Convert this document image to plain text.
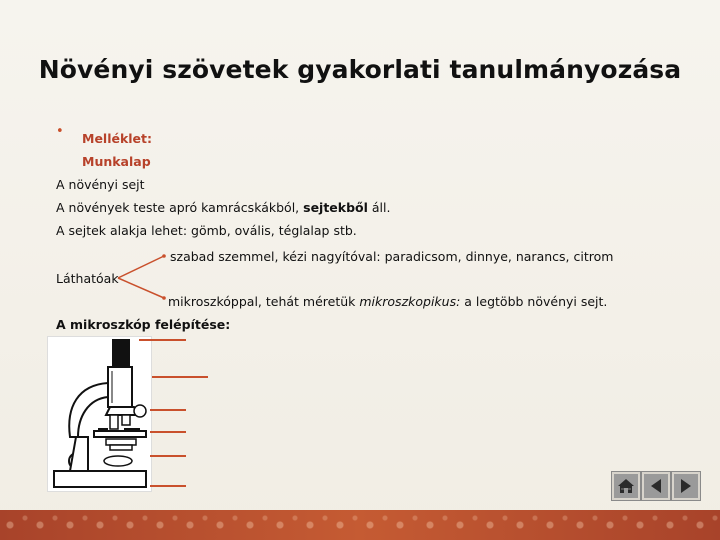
Növényi szövetek gyakorlati tanulmányozása
• Melléklet:
Munkalap
A növényi sejt
A növények teste apró kamrácskákból, sejtekből áll.
A sejtek alakja lehet: gömb, ovális, téglalap stb.
szabad szemmel, kézi nagyítóval: paradicsom, dinnye, narancs, citrom
Láthatóak
mikroszkóppal, tehát méretük mikroszkopikus: a legtöbb növényi sejt.
A mikroszkóp felépítése:
